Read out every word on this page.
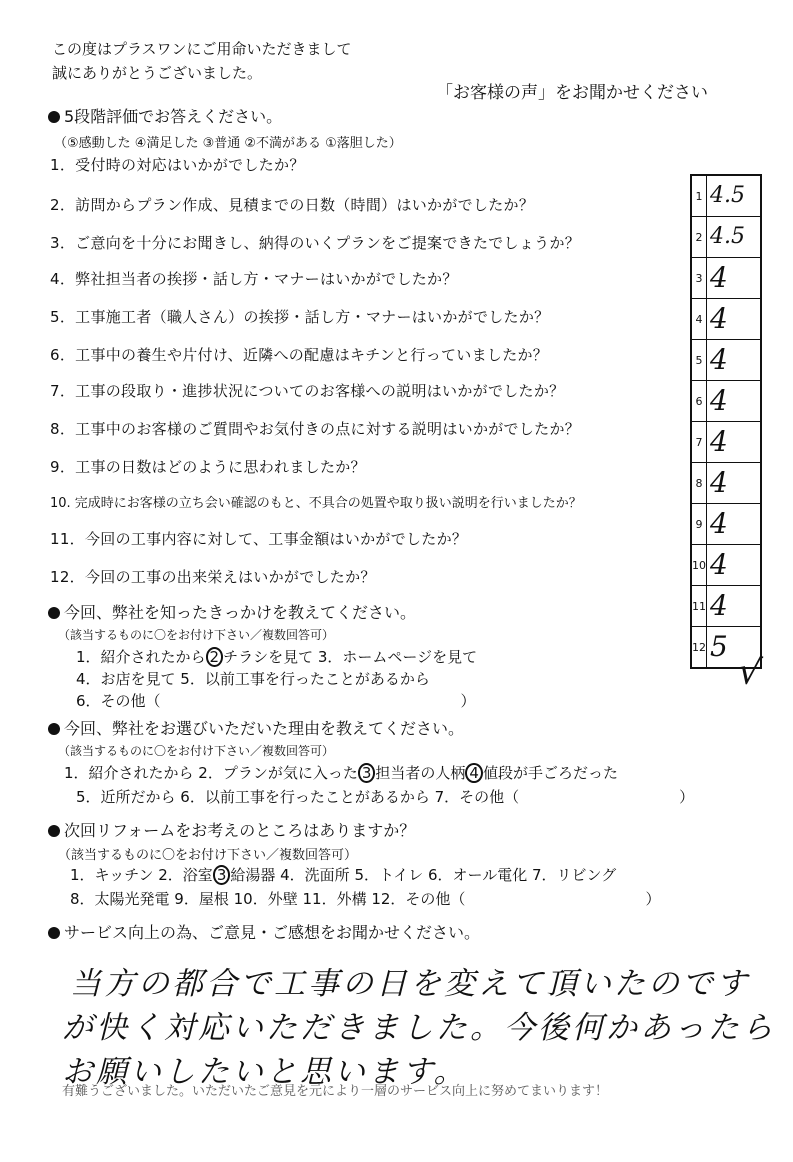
この度はプラスワンにご用命いただきまして
誠にありがとうございました。
「お客様の声」をお聞かせください
5段階評価でお答えください。
（⑤感動した ④満足した ③普通 ②不満がある ①落胆した）
1．受付時の対応はいかがでしたか？
2．訪問からプラン作成、見積までの日数（時間）はいかがでしたか？
3．ご意向を十分にお聞きし、納得のいくプランをご提案できたでしょうか？
4．弊社担当者の挨拶・話し方・マナーはいかがでしたか？
5．工事施工者（職人さん）の挨拶・話し方・マナーはいかがでしたか？
6．工事中の養生や片付け、近隣への配慮はキチンと行っていましたか？
7．工事の段取り・進捗状況についてのお客様への説明はいかがでしたか？
8．工事中のお客様のご質問やお気付きの点に対する説明はいかがでしたか？
9．工事の日数はどのように思われましたか？
10. 完成時にお客様の立ち会い確認のもと、不具合の処置や取り扱い説明を行いましたか？
11．今回の工事内容に対して、工事金額はいかがでしたか？
12．今回の工事の出来栄えはいかがでしたか？
1 4.5
2 4.5
3 4
4 4
5 4
6 4
7 4
8 4
9 4
10 4
11 4
12 5
√
今回、弊社を知ったきっかけを教えてください。
（該当するものに〇をお付け下さい／複数回答可）
1．紹介されたから 2 チラシを見て 3．ホームページを見て
4．お店を見て 5．以前工事を行ったことがあるから
6．その他（	）
今回、弊社をお選びいただいた理由を教えてください。
（該当するものに〇をお付け下さい／複数回答可）
1．紹介されたから 2．プランが気に入った 3 担当者の人柄 4 値段が手ごろだった
5．近所だから 6．以前工事を行ったことがあるから 7．その他（	）
次回リフォームをお考えのところはありますか？
（該当するものに〇をお付け下さい／複数回答可）
1．キッチン 2．浴室 3 給湯器 4．洗面所 5．トイレ 6．オール電化 7．リビング
8．太陽光発電 9．屋根 10．外壁 11．外構 12．その他（	）
サービス向上の為、ご意見・ご感想をお聞かせください。
当方の都合で工事の日を変えて頂いたのです
が快く対応いただきました。今後何かあったら
お願いしたいと思います。
有難うございました。いただいたご意見を元により一層のサービス向上に努めてまいります！
